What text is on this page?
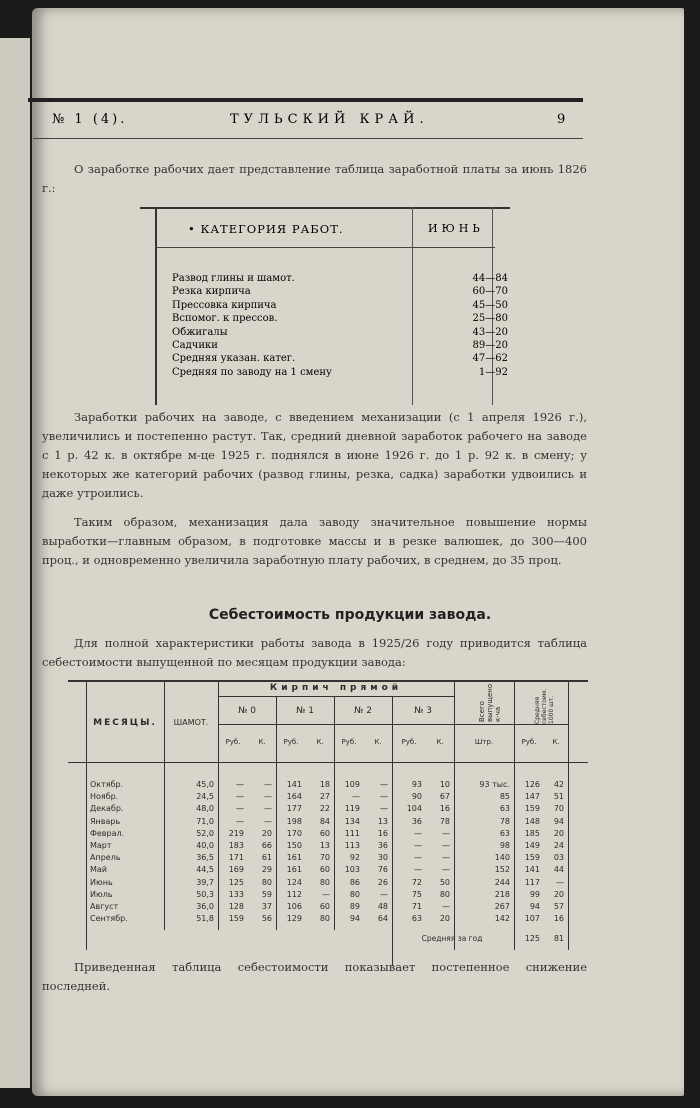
№ 1 (4).	ТУЛЬСКИЙ КРАЙ.	9
О заработке рабочих дает представление таблица заработной платы за июнь 1826 г.:
• КАТЕГОРИЯ РАБОТ.	ИЮНЬ
Развод глины и шамот.	44—84
Резка кирпича	60—70
Прессовка кирпича	45—50
Вспомог. к прессов.	25—80
Обжигалы	43—20
Садчики	89—20
Средняя указан. катег.	47—62
Средняя по заводу на 1 смену	1—92
Заработки рабочих на заводе, с введением механизации (с 1 апреля 1926 г.), увеличились и постепенно растут. Так, средний дневной заработок рабочего на заводе с 1 р. 42 к. в октябре м-це 1925 г. поднялся в июне 1926 г. до 1 р. 92 к. в смену; у некоторых же категорий рабочих (развод глины, резка, садка) заработки удвоились и даже утроились.
Таким образом, механизация дала заводу значительное повышение нормы выработки—главным образом, в подготовке массы и в резке валюшек, до 300—400 проц., и одновременно увеличила заработную плату рабочих, в среднем, до 35 проц.
Себестоимость продукции завода.
Для полной характеристики работы завода в 1925/26 году приводится таблица себестоимости выпущенной по месяцам продукции завода:
МЕСЯЦЫ.	ШАМОТ.
Кирпич прямой
№ 0	№ 1	№ 2	№ 3	Всего выпущено к-ча	Средняя себестоим. 1000 шт.
Руб.	К.	Руб.	К.	Руб.	К.	Руб.	К.	Штр.	Руб.	К.
Октябр.	45,0	—	—	141	18	109	—	93	10	93 тыс.	126	42
Ноябр.	24,5	—	—	164	27	—	—	90	67	85	147	51
Декабр.	48,0	—	—	177	22	119	—	104	16	63	159	70
Январь	71,0	—	—	198	84	134	13	36	78	78	148	94
Феврал.	52,0	219	20	170	60	111	16	—	—	63	185	20
Март	40,0	183	66	150	13	113	36	—	—	98	149	24
Апрель	36,5	171	61	161	70	92	30	—	—	140	159	03
Май	44,5	169	29	161	60	103	76	—	—	152	141	44
Июнь	39,7	125	80	124	80	86	26	72	50	244	117	—
Июль	50,3	133	59	112	—	80	—	75	80	218	99	20
Август	36,0	128	37	106	60	89	48	71	—	267	94	57
Сентябр.	51,8	159	56	129	80	94	64	63	20	142	107	16
Средняя за год	125	81
Приведенная таблица себестоимости показывает постепенное снижение последней.
